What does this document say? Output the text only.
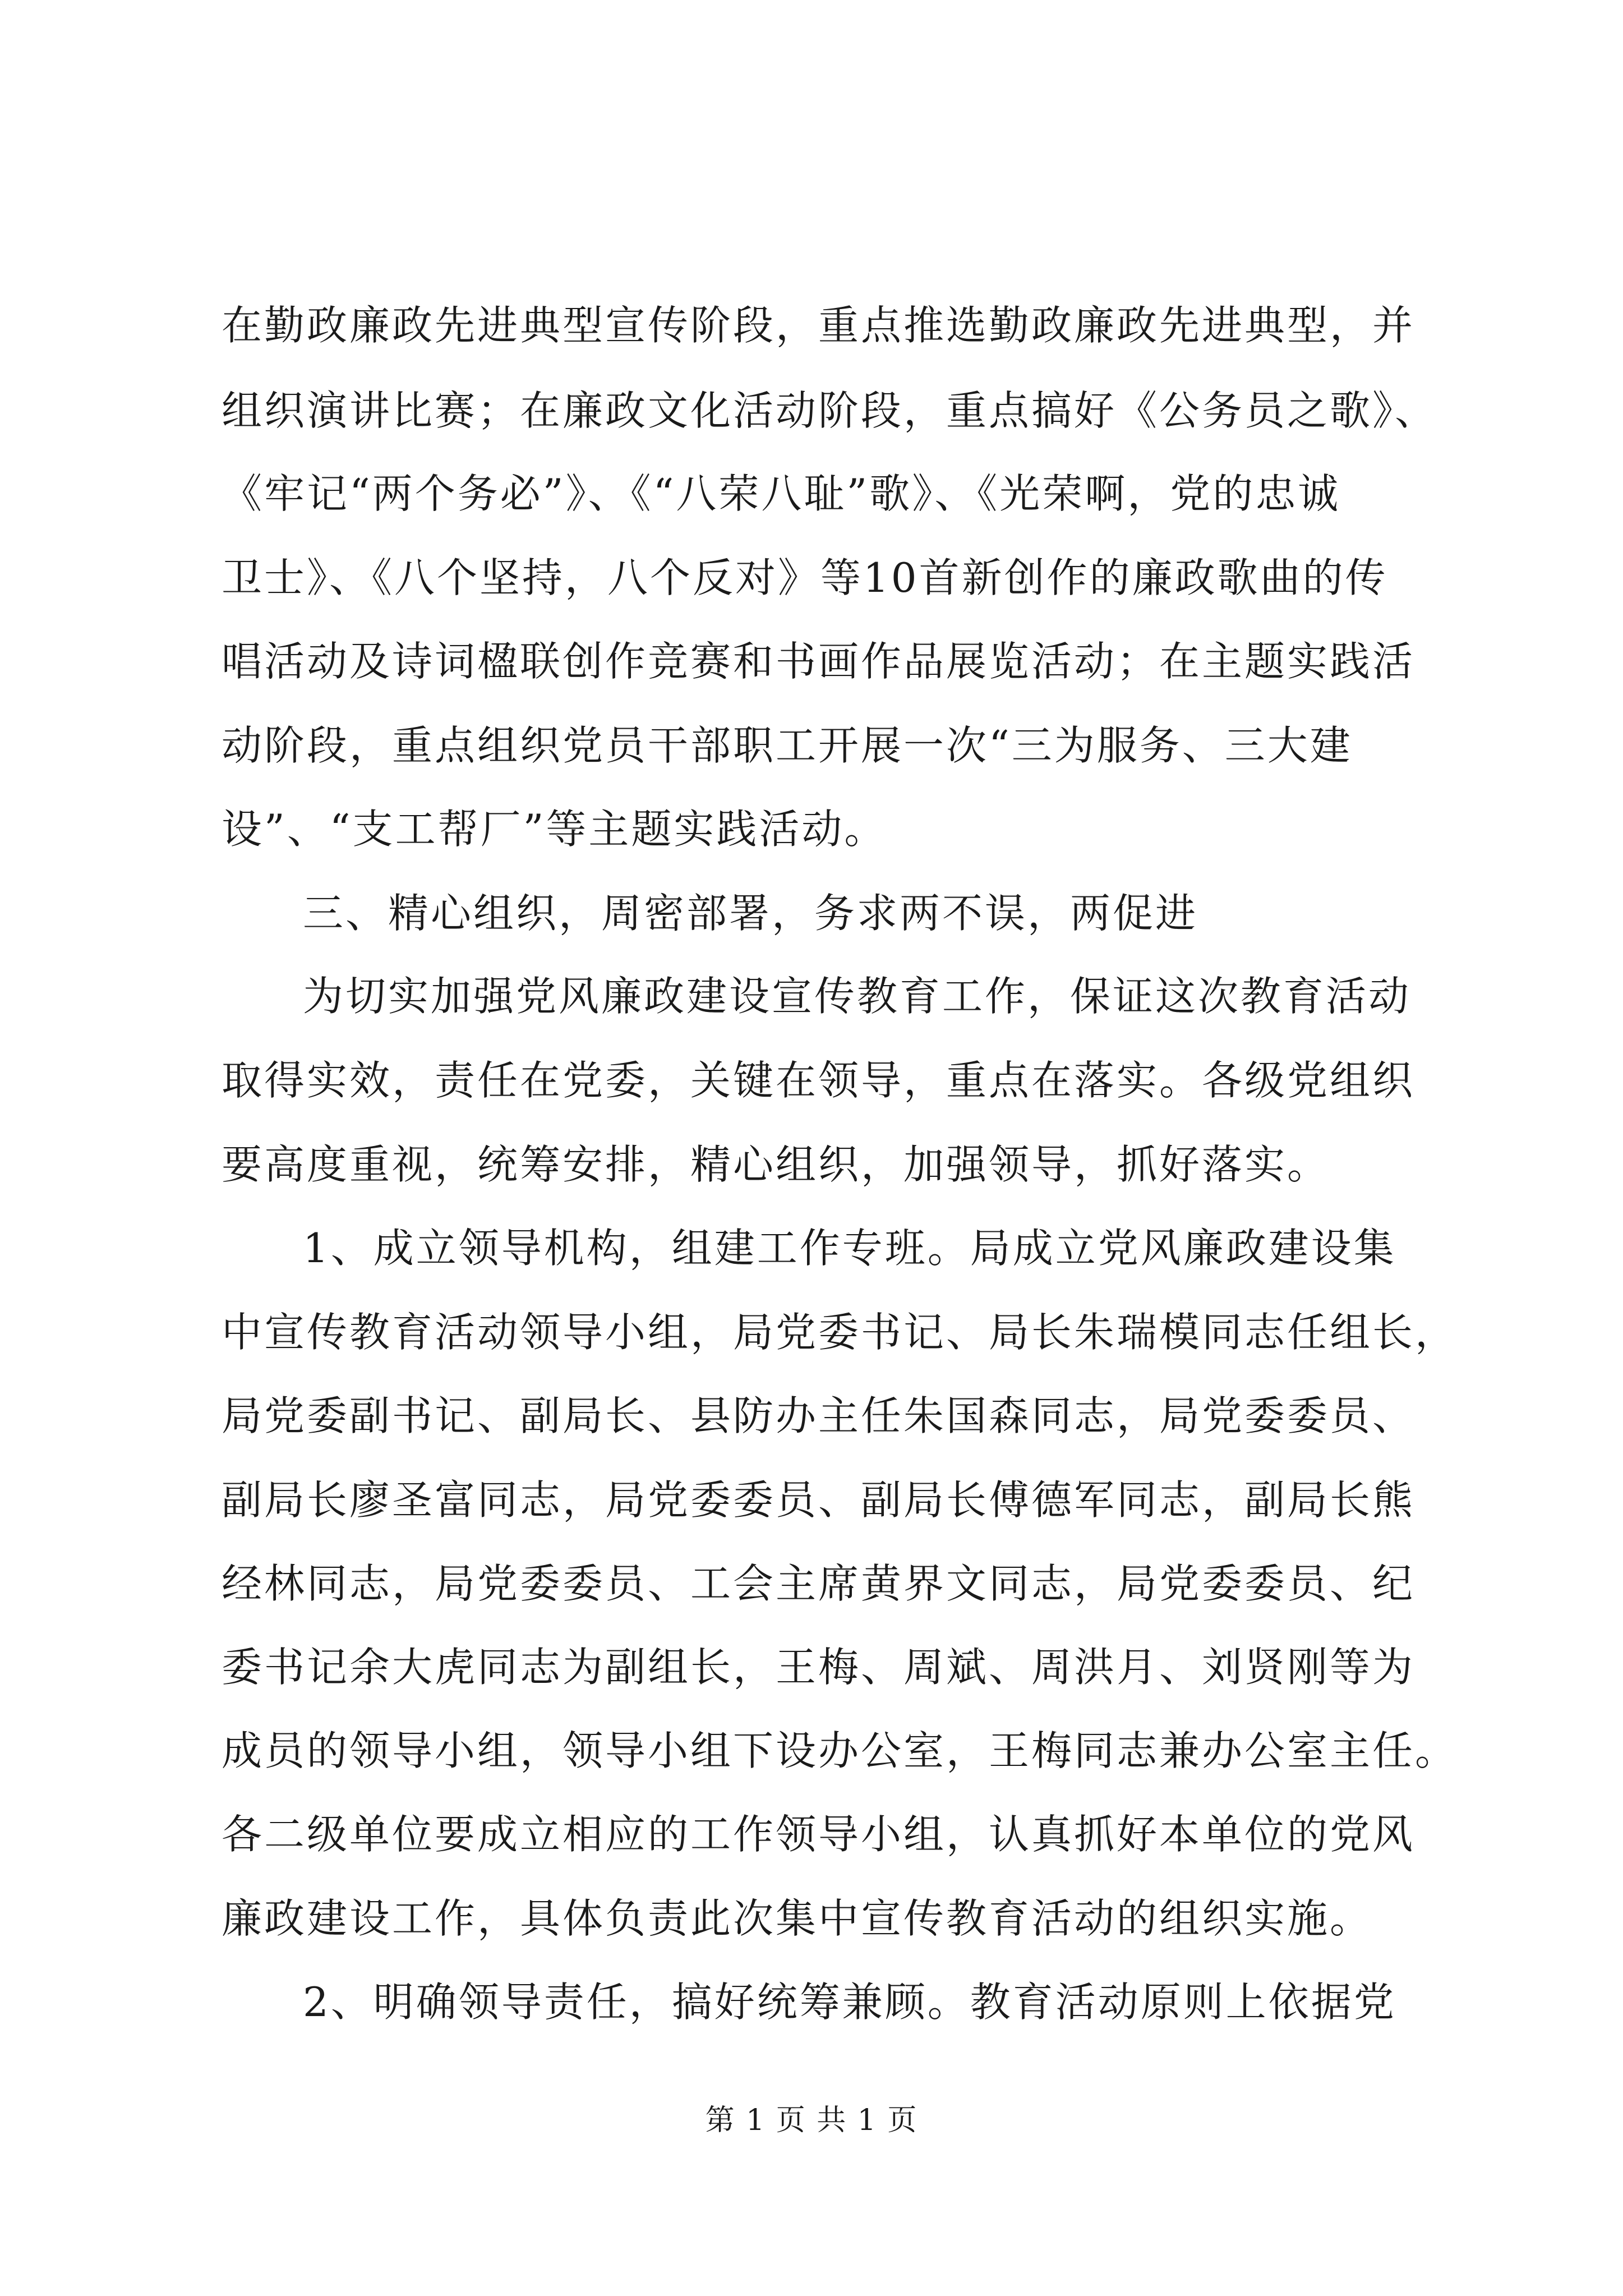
在勤政廉政先进典型宣传阶段，重点推选勤政廉政先进典型，并
组织演讲比赛；在廉政文化活动阶段，重点搞好《公务员之歌》、
《牢记“两个务必”》、《“八荣八耻”歌》、《光荣啊，党的忠诚
卫士》、《八个坚持，八个反对》等10首新创作的廉政歌曲的传
唱活动及诗词楹联创作竞赛和书画作品展览活动；在主题实践活
动阶段，重点组织党员干部职工开展一次“三为服务、三大建
设”、“支工帮厂”等主题实践活动。
三、精心组织，周密部署，务求两不误，两促进
为切实加强党风廉政建设宣传教育工作，保证这次教育活动
取得实效，责任在党委，关键在领导，重点在落实。各级党组织
要高度重视，统筹安排，精心组织，加强领导，抓好落实。
1、成立领导机构，组建工作专班。局成立党风廉政建设集
中宣传教育活动领导小组，局党委书记、局长朱瑞模同志任组长，
局党委副书记、副局长、县防办主任朱国森同志，局党委委员、
副局长廖圣富同志，局党委委员、副局长傅德军同志，副局长熊
经林同志，局党委委员、工会主席黄界文同志，局党委委员、纪
委书记余大虎同志为副组长，王梅、周斌、周洪月、刘贤刚等为
成员的领导小组，领导小组下设办公室，王梅同志兼办公室主任。
各二级单位要成立相应的工作领导小组，认真抓好本单位的党风
廉政建设工作，具体负责此次集中宣传教育活动的组织实施。
2、明确领导责任，搞好统筹兼顾。教育活动原则上依据党
第 1 页 共 1 页
